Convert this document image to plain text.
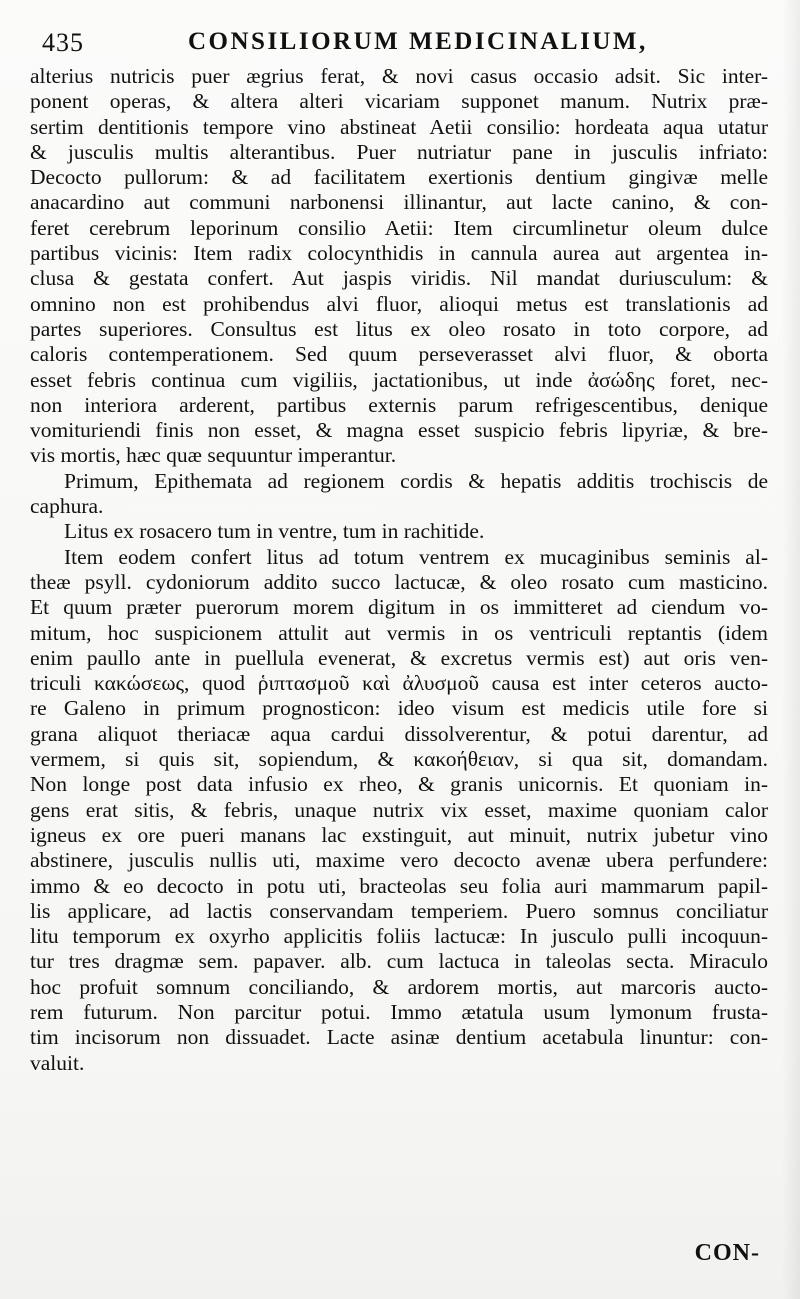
435	CONSILIORUM MEDICINALIUM,
alterius nutricis puer ægrius ferat, & novi casus occasio adsit. Sic inter-
ponent operas, & altera alteri vicariam supponet manum. Nutrix præ-
sertim dentitionis tempore vino abstineat Aetii consilio: hordeata aqua utatur
& jusculis multis alterantibus. Puer nutriatur pane in jusculis infriato:
Decocto pullorum: & ad facilitatem exertionis dentium gingivæ melle
anacardino aut communi narbonensi illinantur, aut lacte canino, & con-
feret cerebrum leporinum consilio Aetii: Item circumlinetur oleum dulce
partibus vicinis: Item radix colocynthidis in cannula aurea aut argentea in-
clusa & gestata confert. Aut jaspis viridis. Nil mandat duriusculum: &
omnino non est prohibendus alvi fluor, alioqui metus est translationis ad
partes superiores. Consultus est litus ex oleo rosato in toto corpore, ad
caloris contemperationem. Sed quum perseverasset alvi fluor, & oborta
esset febris continua cum vigiliis, jactationibus, ut inde ἀσώδης foret, nec-
non interiora arderent, partibus externis parum refrigescentibus, denique
vomituriendi finis non esset, & magna esset suspicio febris lipyriæ, & bre-
vis mortis, hæc quæ sequuntur imperantur.
Primum, Epithemata ad regionem cordis & hepatis additis trochiscis de
caphura.
Litus ex rosacero tum in ventre, tum in rachitide.
Item eodem confert litus ad totum ventrem ex mucaginibus seminis al-
theæ psyll. cydoniorum addito succo lactucæ, & oleo rosato cum masticino.
Et quum præter puerorum morem digitum in os immitteret ad ciendum vo-
mitum, hoc suspicionem attulit aut vermis in os ventriculi reptantis (idem
enim paullo ante in puellula evenerat, & excretus vermis est) aut oris ven-
triculi κακώσεως, quod ῥιπτασμοῦ καὶ ἀλυσμοῦ causa est inter ceteros aucto-
re Galeno in primum prognosticon: ideo visum est medicis utile fore si
grana aliquot theriacæ aqua cardui dissolverentur, & potui darentur, ad
vermem, si quis sit, sopiendum, & κακοήθειαν, si qua sit, domandam.
Non longe post data infusio ex rheo, & granis unicornis. Et quoniam in-
gens erat sitis, & febris, unaque nutrix vix esset, maxime quoniam calor
igneus ex ore pueri manans lac exstinguit, aut minuit, nutrix jubetur vino
abstinere, jusculis nullis uti, maxime vero decocto avenæ ubera perfundere:
immo & eo decocto in potu uti, bracteolas seu folia auri mammarum papil-
lis applicare, ad lactis conservandam temperiem. Puero somnus conciliatur
litu temporum ex oxyrho applicitis foliis lactucæ: In jusculo pulli incoquun-
tur tres dragmæ sem. papaver. alb. cum lactuca in taleolas secta. Miraculo
hoc profuit somnum conciliando, & ardorem mortis, aut marcoris aucto-
rem futurum. Non parcitur potui. Immo ætatula usum lymonum frusta-
tim incisorum non dissuadet. Lacte asinæ dentium acetabula linuntur: con-
valuit.
CON-
